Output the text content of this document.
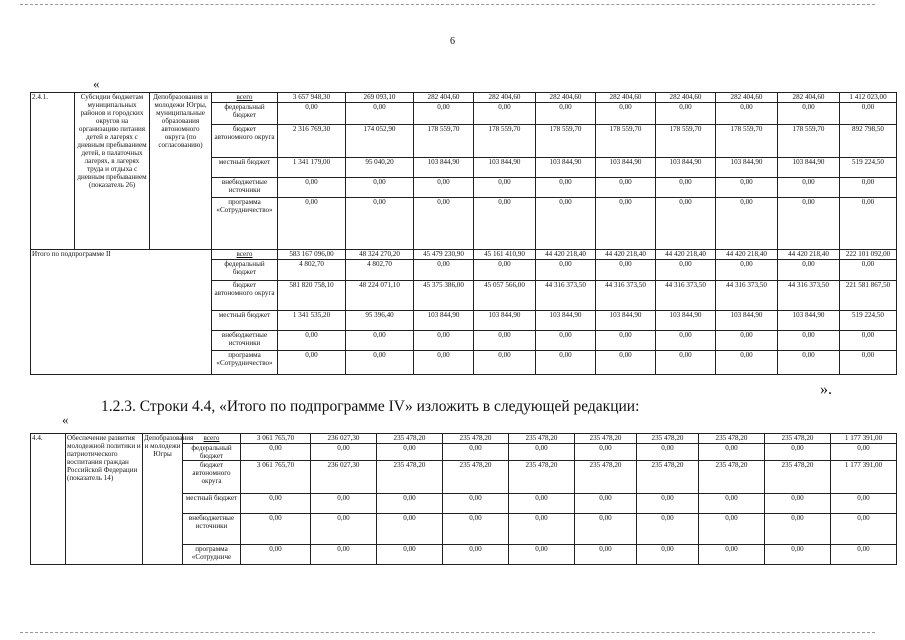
6
«
2.4.1.	Субсидии бюджетам муниципальных районов и городских округов на организацию питания детей в лагерях с дневным пребыванием детей, в палаточных лагерях, в лагерях труда и отдыха с дневным пребыванием (показатель 26)	Депобразования и молодежи Югры, муниципальные образования автономного округа (по согласованию)	всего	3 657 948,30	269 093,10	282 404,60	282 404,60	282 404,60	282 404,60	282 404,60	282 404,60	282 404,60	1 412 023,00
			федеральный бюджет	0,00	0,00	0,00	0,00	0,00	0,00	0,00	0,00	0,00	0,00
			бюджет автономного округа	2 316 769,30	174 052,90	178 559,70	178 559,70	178 559,70	178 559,70	178 559,70	178 559,70	178 559,70	892 798,50
			местный бюджет	1 341 179,00	95 040,20	103 844,90	103 844,90	103 844,90	103 844,90	103 844,90	103 844,90	103 844,90	519 224,50
			внебюджетные источники	0,00	0,00	0,00	0,00	0,00	0,00	0,00	0,00	0,00	0,00
			программа «Сотрудничество»	0,00	0,00	0,00	0,00	0,00	0,00	0,00	0,00	0,00	0,00
Итого по подпрограмме II			всего	583 167 096,00	48 324 270,20	45 479 230,90	45 161 410,90	44 420 218,40	44 420 218,40	44 420 218,40	44 420 218,40	44 420 218,40	222 101 092,00
			федеральный бюджет	4 802,70	4 802,70	0,00	0,00	0,00	0,00	0,00	0,00	0,00	0,00
			бюджет автономного округа	581 820 758,10	48 224 071,10	45 375 386,00	45 057 566,00	44 316 373,50	44 316 373,50	44 316 373,50	44 316 373,50	44 316 373,50	221 581 867,50
			местный бюджет	1 341 535,20	95 396,40	103 844,90	103 844,90	103 844,90	103 844,90	103 844,90	103 844,90	103 844,90	519 224,50
			внебюджетные источники	0,00	0,00	0,00	0,00	0,00	0,00	0,00	0,00	0,00	0,00
			программа «Сотрудничество»	0,00	0,00	0,00	0,00	0,00	0,00	0,00	0,00	0,00	0,00
».
1.2.3. Строки 4.4, «Итого по подпрограмме IV» изложить в следующей редакции:
«
4.4.	Обеспечение развития молодежной политики и патриотического воспитания граждан Российской Федерации (показатель 14)	Депобразования и молодежи Югры	всего	3 061 765,70	236 027,30	235 478,20	235 478,20	235 478,20	235 478,20	235 478,20	235 478,20	235 478,20	1 177 391,00
			федеральный бюджет	0,00	0,00	0,00	0,00	0,00	0,00	0,00	0,00	0,00	0,00
			бюджет автономного округа	3 061 765,70	236 027,30	235 478,20	235 478,20	235 478,20	235 478,20	235 478,20	235 478,20	235 478,20	1 177 391,00
			местный бюджет	0,00	0,00	0,00	0,00	0,00	0,00	0,00	0,00	0,00	0,00
			внебюджетные источники	0,00	0,00	0,00	0,00	0,00	0,00	0,00	0,00	0,00	0,00
			программа «Сотрудниче	0,00	0,00	0,00	0,00	0,00	0,00	0,00	0,00	0,00	0,00
